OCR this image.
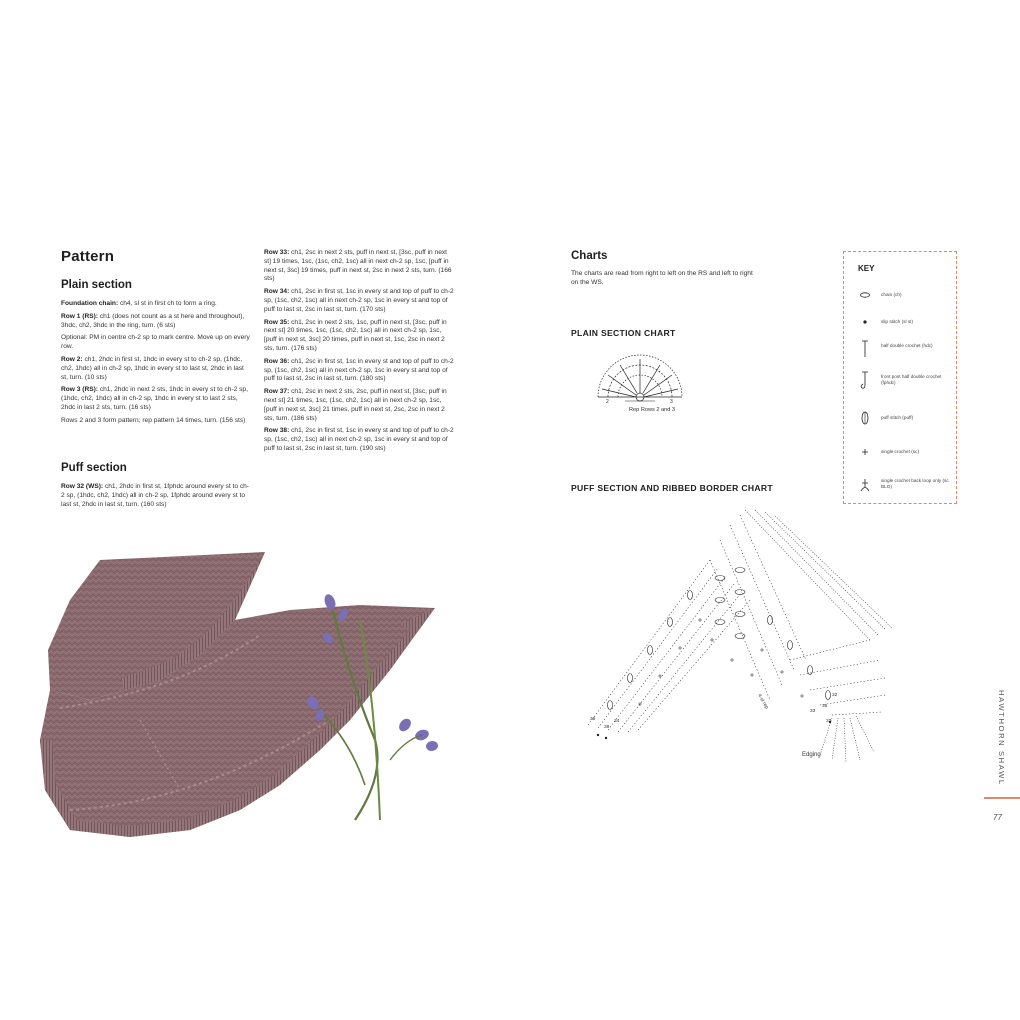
Pattern
Plain section

Foundation chain: ch4, sl st in first ch to form a ring.

Row 1 (RS): ch1 (does not count as a st here and throughout), 3hdc, ch2, 3hdc in the ring, turn. (6 sts)

Optional: PM in centre ch-2 sp to mark centre. Move up on every row.

Row 2: ch1, 2hdc in first st, 1hdc in every st to ch-2 sp, (1hdc, ch2, 1hdc) all in ch-2 sp, 1hdc in every st to last st, 2hdc in last st, turn. (10 sts)

Row 3 (RS): ch1, 2hdc in next 2 sts, 1hdc in every st to ch-2 sp, (1hdc, ch2, 1hdc) all in ch-2 sp, 1hdc in every st to last 2 sts, 2hdc in last 2 sts, turn. (16 sts)

Rows 2 and 3 form pattern; rep pattern 14 times, turn. (156 sts)

Puff section

Row 32 (WS): ch1, 2hdc in first st, 1fphdc around every st to ch-2 sp, (1hdc, ch2, 1hdc) all in ch-2 sp, 1fphdc around every st to last st, 2hdc in last st, turn. (160 sts)

Row 33: ch1, 2sc in next 2 sts, puff in next st, [3sc, puff in next st] 19 times, 1sc, (1sc, ch2, 1sc) all in next ch-2 sp, 1sc, [puff in next st, 3sc] 19 times, puff in next st, 2sc in next 2 sts, turn. (166 sts)

Row 34: ch1, 2sc in first st, 1sc in every st and top of puff to ch-2 sp, (1sc, ch2, 1sc) all in next ch-2 sp, 1sc in every st and top of puff to last st, 2sc in last st, turn. (170 sts)

Row 35: ch1, 2sc in next 2 sts, 1sc, puff in next st, [3sc, puff in next st] 20 times, 1sc, (1sc, ch2, 1sc) all in next ch-2 sp, 1sc, [puff in next st, 3sc] 20 times, puff in next st, 1sc, 2sc in next 2 sts, turn. (176 sts)

Row 36: ch1, 2sc in first st, 1sc in every st and top of puff to ch-2 sp, (1sc, ch2, 1sc) all in next ch-2 sp, 1sc in every st and top of puff to last st, 2sc in last st, turn. (180 sts)

Row 37: ch1, 2sc in next 2 sts, 2sc, puff in next st, [3sc, puff in next st] 21 times, 1sc, (1sc, ch2, 1sc) all in next ch-2 sp, 1sc, [puff in next st, 3sc] 21 times, puff in next st, 2sc, 2sc in next 2 sts, turn. (186 sts)

Row 38: ch1, 2sc in first st, 1sc in every st and top of puff to ch-2 sp, (1sc, ch2, 1sc) all in next ch-2 sp, 1sc in every st and top of puff to last st, 2sc in last st, turn. (190 sts)

Charts
The charts are read from right to left on the RS and left to right on the WS.
PLAIN SECTION CHART
2	3
Rep Rows 2 and 3
PUFF SECTION AND RIBBED BORDER CHART
36	34
38
33
35
37
32
4-st rep
Edging
KEY
chain (ch)
slip stitch (sl st)
half double crochet (hdc)
front post half double crochet (fphdc)
puff stitch (puff)
single crochet (sc)
single crochet back loop only (sc BLO)
HAWTHORN SHAWL
77
